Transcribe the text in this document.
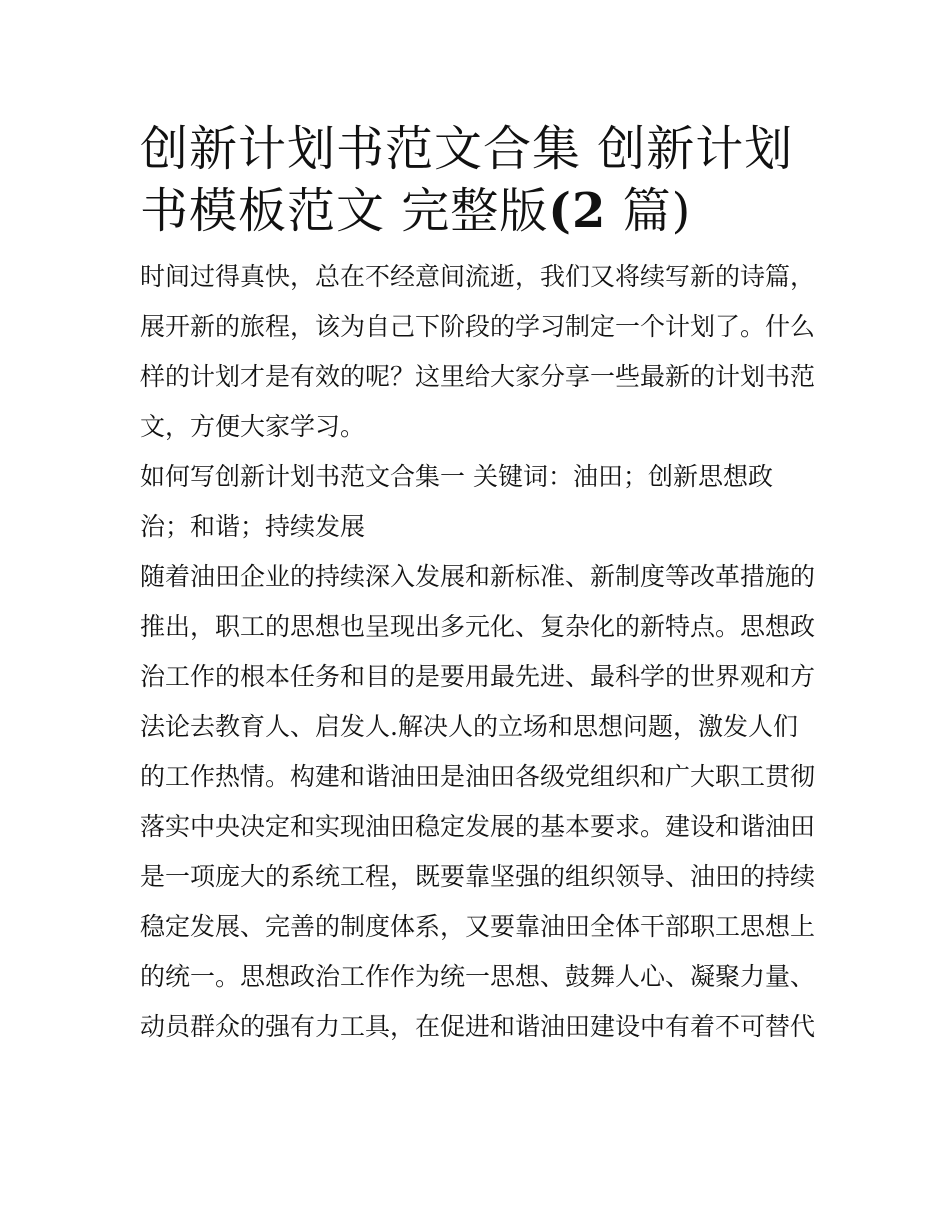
创新计划书范文合集 创新计划
书模板范文 完整版(2 篇)
时间过得真快，总在不经意间流逝，我们又将续写新的诗篇，
展开新的旅程，该为自己下阶段的学习制定一个计划了。什么
样的计划才是有效的呢？这里给大家分享一些最新的计划书范
文，方便大家学习。
如何写创新计划书范文合集一 关键词：油田；创新思想政
治；和谐；持续发展
随着油田企业的持续深入发展和新标准、新制度等改革措施的
推出，职工的思想也呈现出多元化、复杂化的新特点。思想政
治工作的根本任务和目的是要用最先进、最科学的世界观和方
法论去教育人、启发人.解决人的立场和思想问题，激发人们
的工作热情。构建和谐油田是油田各级党组织和广大职工贯彻
落实中央决定和实现油田稳定发展的基本要求。建设和谐油田
是一项庞大的系统工程，既要靠坚强的组织领导、油田的持续
稳定发展、完善的制度体系，又要靠油田全体干部职工思想上
的统一。思想政治工作作为统一思想、鼓舞人心、凝聚力量、
动员群众的强有力工具，在促进和谐油田建设中有着不可替代
